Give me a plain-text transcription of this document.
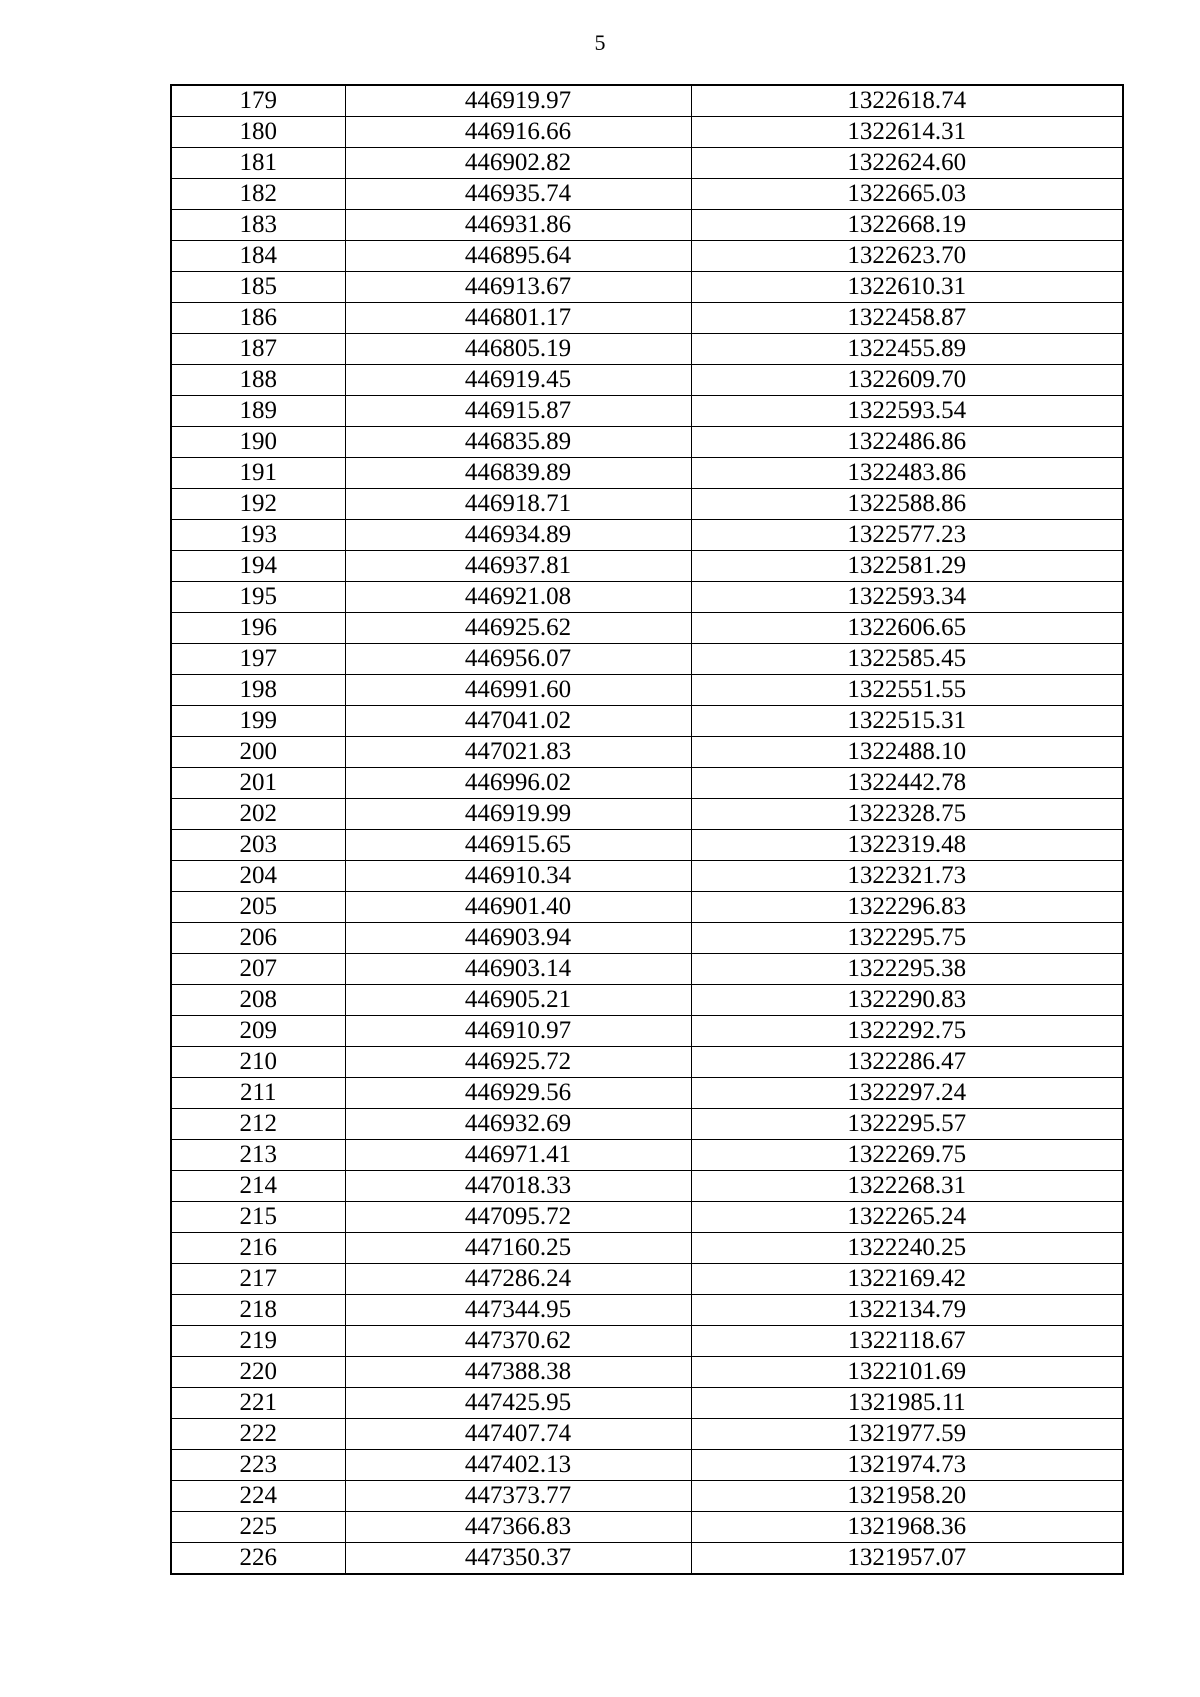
5
179	446919.97	1322618.74
180	446916.66	1322614.31
181	446902.82	1322624.60
182	446935.74	1322665.03
183	446931.86	1322668.19
184	446895.64	1322623.70
185	446913.67	1322610.31
186	446801.17	1322458.87
187	446805.19	1322455.89
188	446919.45	1322609.70
189	446915.87	1322593.54
190	446835.89	1322486.86
191	446839.89	1322483.86
192	446918.71	1322588.86
193	446934.89	1322577.23
194	446937.81	1322581.29
195	446921.08	1322593.34
196	446925.62	1322606.65
197	446956.07	1322585.45
198	446991.60	1322551.55
199	447041.02	1322515.31
200	447021.83	1322488.10
201	446996.02	1322442.78
202	446919.99	1322328.75
203	446915.65	1322319.48
204	446910.34	1322321.73
205	446901.40	1322296.83
206	446903.94	1322295.75
207	446903.14	1322295.38
208	446905.21	1322290.83
209	446910.97	1322292.75
210	446925.72	1322286.47
211	446929.56	1322297.24
212	446932.69	1322295.57
213	446971.41	1322269.75
214	447018.33	1322268.31
215	447095.72	1322265.24
216	447160.25	1322240.25
217	447286.24	1322169.42
218	447344.95	1322134.79
219	447370.62	1322118.67
220	447388.38	1322101.69
221	447425.95	1321985.11
222	447407.74	1321977.59
223	447402.13	1321974.73
224	447373.77	1321958.20
225	447366.83	1321968.36
226	447350.37	1321957.07
